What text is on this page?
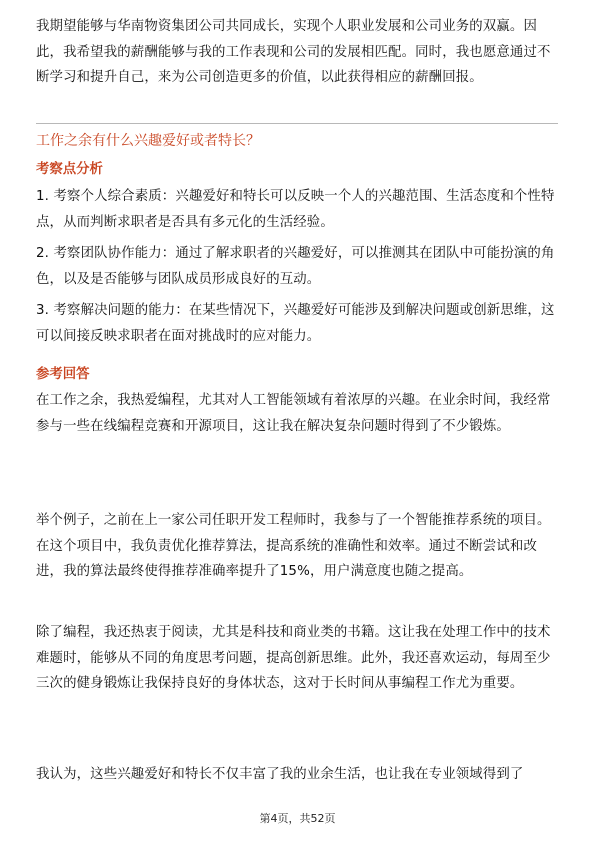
我期望能够与华南物资集团公司共同成长，实现个人职业发展和公司业务的双赢。因此，我希望我的薪酬能够与我的工作表现和公司的发展相匹配。同时，我也愿意通过不断学习和提升自己，来为公司创造更多的价值，以此获得相应的薪酬回报。

工作之余有什么兴趣爱好或者特长？
考察点分析

1. 考察个人综合素质：兴趣爱好和特长可以反映一个人的兴趣范围、生活态度和个性特点，从而判断求职者是否具有多元化的生活经验。

2. 考察团队协作能力：通过了解求职者的兴趣爱好，可以推测其在团队中可能扮演的角色，以及是否能够与团队成员形成良好的互动。

3. 考察解决问题的能力：在某些情况下，兴趣爱好可能涉及到解决问题或创新思维，这可以间接反映求职者在面对挑战时的应对能力。

参考回答

在工作之余，我热爱编程，尤其对人工智能领域有着浓厚的兴趣。在业余时间，我经常参与一些在线编程竞赛和开源项目，这让我在解决复杂问题时得到了不少锻炼。

举个例子，之前在上一家公司任职开发工程师时，我参与了一个智能推荐系统的项目。在这个项目中，我负责优化推荐算法，提高系统的准确性和效率。通过不断尝试和改进，我的算法最终使得推荐准确率提升了15%，用户满意度也随之提高。

除了编程，我还热衷于阅读，尤其是科技和商业类的书籍。这让我在处理工作中的技术难题时，能够从不同的角度思考问题，提高创新思维。此外，我还喜欢运动，每周至少三次的健身锻炼让我保持良好的身体状态，这对于长时间从事编程工作尤为重要。

我认为，这些兴趣爱好和特长不仅丰富了我的业余生活，也让我在专业领域得到了

第4页，共52页
